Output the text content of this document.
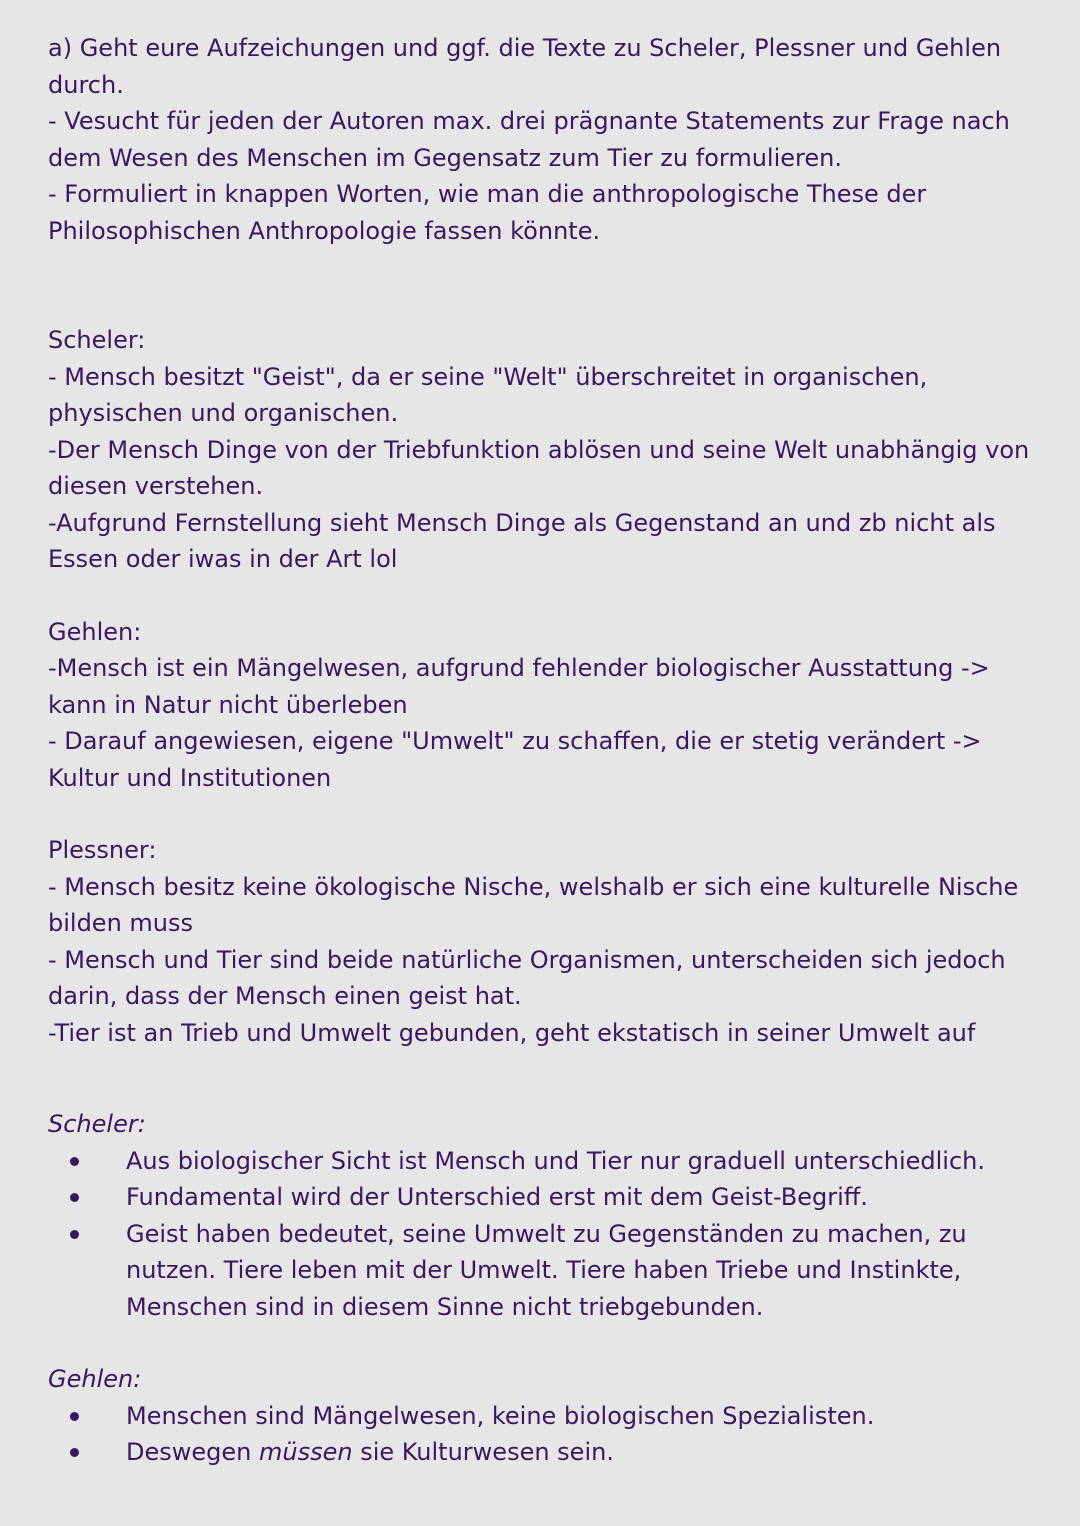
a) Geht eure Aufzeichungen und ggf. die Texte zu Scheler, Plessner und Gehlen durch.

- Vesucht für jeden der Autoren max. drei prägnante Statements zur Frage nach dem Wesen des Menschen im Gegensatz zum Tier zu formulieren.

- Formuliert in knappen Worten, wie man die anthropologische These der Philosophischen Anthropologie fassen könnte.

Scheler:

- Mensch besitzt "Geist", da er seine "Welt" überschreitet in organischen, physischen und organischen.

-Der Mensch Dinge von der Triebfunktion ablösen und seine Welt unabhängig von diesen verstehen.

-Aufgrund Fernstellung sieht Mensch Dinge als Gegenstand an und zb nicht als Essen oder iwas in der Art lol

Gehlen:

-Mensch ist ein Mängelwesen, aufgrund fehlender biologischer Ausstattung -> kann in Natur nicht überleben

- Darauf angewiesen, eigene "Umwelt" zu schaffen, die er stetig verändert -> Kultur und Institutionen

Plessner:

- Mensch besitz keine ökologische Nische, welshalb er sich eine kulturelle Nische bilden muss

- Mensch und Tier sind beide natürliche Organismen, unterscheiden sich jedoch darin, dass der Mensch einen geist hat.

-Tier ist an Trieb und Umwelt gebunden, geht ekstatisch in seiner Umwelt auf

Scheler:

Aus biologischer Sicht ist Mensch und Tier nur graduell unterschiedlich.
Fundamental wird der Unterschied erst mit dem Geist-Begriff.
Geist haben bedeutet, seine Umwelt zu Gegenständen zu machen, zu nutzen. Tiere leben mit der Umwelt. Tiere haben Triebe und Instinkte, Menschen sind in diesem Sinne nicht triebgebunden.

Gehlen:

Menschen sind Mängelwesen, keine biologischen Spezialisten.
Deswegen müssen sie Kulturwesen sein.
